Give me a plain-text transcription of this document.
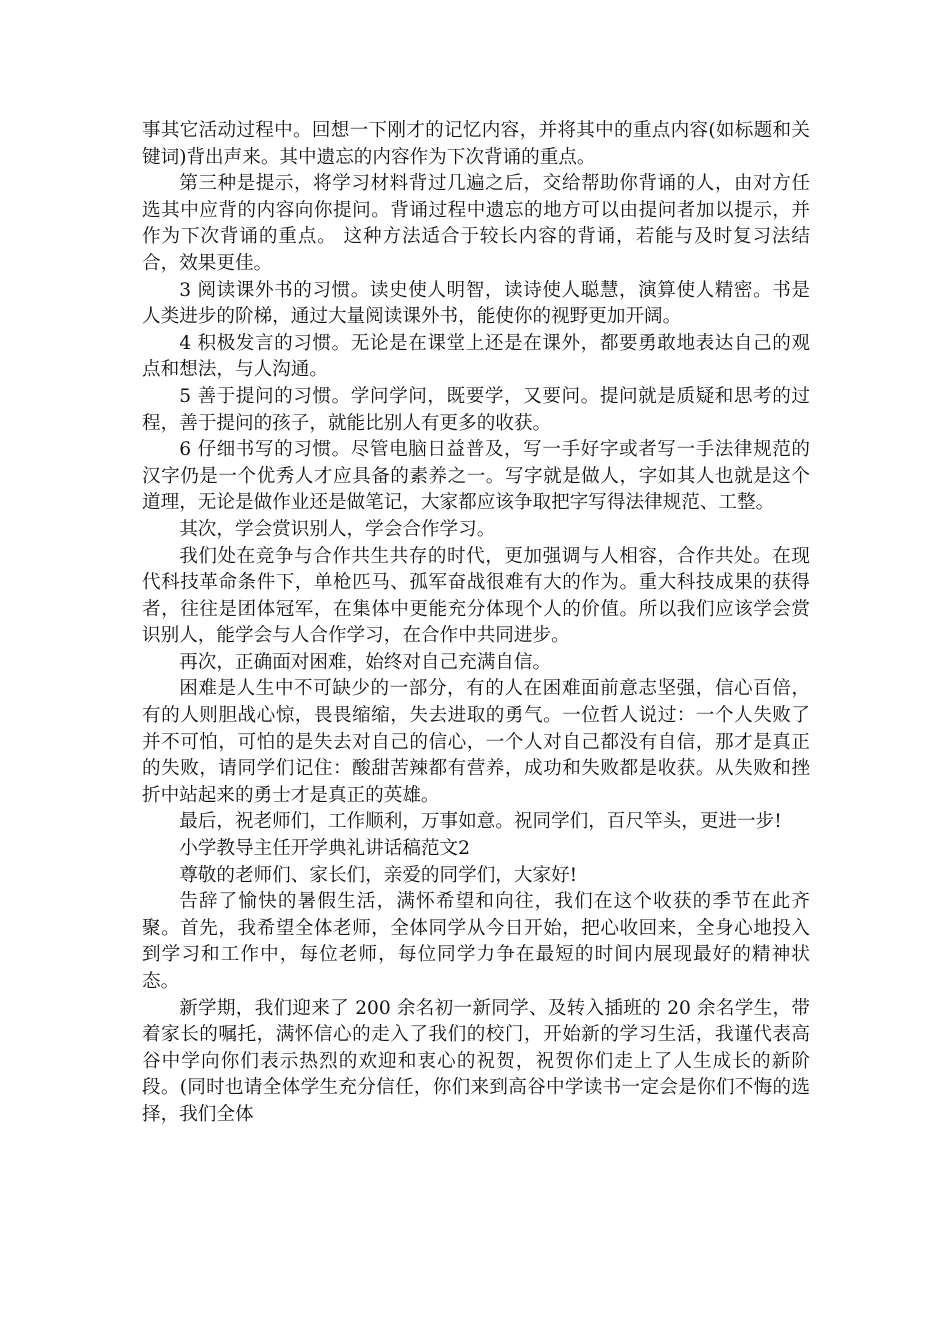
事其它活动过程中。回想一下刚才的记忆内容，并将其中的重点内容(如标题和关键词)背出声来。其中遗忘的内容作为下次背诵的重点。

第三种是提示，将学习材料背过几遍之后，交给帮助你背诵的人，由对方任选其中应背的内容向你提问。背诵过程中遗忘的地方可以由提问者加以提示，并作为下次背诵的重点。 这种方法适合于较长内容的背诵，若能与及时复习法结合，效果更佳。

3 阅读课外书的习惯。读史使人明智，读诗使人聪慧，演算使人精密。书是人类进步的阶梯，通过大量阅读课外书，能使你的视野更加开阔。

4 积极发言的习惯。无论是在课堂上还是在课外，都要勇敢地表达自己的观点和想法，与人沟通。

5 善于提问的习惯。学问学问，既要学，又要问。提问就是质疑和思考的过程，善于提问的孩子，就能比别人有更多的收获。

6 仔细书写的习惯。尽管电脑日益普及，写一手好字或者写一手法律规范的汉字仍是一个优秀人才应具备的素养之一。写字就是做人，字如其人也就是这个道理，无论是做作业还是做笔记，大家都应该争取把字写得法律规范、工整。

其次，学会赏识别人，学会合作学习。

我们处在竞争与合作共生共存的时代，更加强调与人相容，合作共处。在现代科技革命条件下，单枪匹马、孤军奋战很难有大的作为。重大科技成果的获得者，往往是团体冠军，在集体中更能充分体现个人的价值。所以我们应该学会赏识别人，能学会与人合作学习，在合作中共同进步。

再次，正确面对困难，始终对自己充满自信。

困难是人生中不可缺少的一部分，有的人在困难面前意志坚强，信心百倍，有的人则胆战心惊，畏畏缩缩，失去进取的勇气。一位哲人说过：一个人失败了并不可怕，可怕的是失去对自己的信心，一个人对自己都没有自信，那才是真正的失败，请同学们记住：酸甜苦辣都有营养，成功和失败都是收获。从失败和挫折中站起来的勇士才是真正的英雄。

最后，祝老师们，工作顺利，万事如意。祝同学们，百尺竿头，更进一步!

小学教导主任开学典礼讲话稿范文2

尊敬的老师们、家长们，亲爱的同学们，大家好!

告辞了愉快的暑假生活，满怀希望和向往，我们在这个收获的季节在此齐聚。首先，我希望全体老师，全体同学从今日开始，把心收回来，全身心地投入到学习和工作中，每位老师，每位同学力争在最短的时间内展现最好的精神状态。

新学期，我们迎来了 200 余名初一新同学、及转入插班的 20 余名学生，带着家长的嘱托，满怀信心的走入了我们的校门，开始新的学习生活，我谨代表高谷中学向你们表示热烈的欢迎和衷心的祝贺，祝贺你们走上了人生成长的新阶段。(同时也请全体学生充分信任，你们来到高谷中学读书一定会是你们不悔的选择，我们全体
